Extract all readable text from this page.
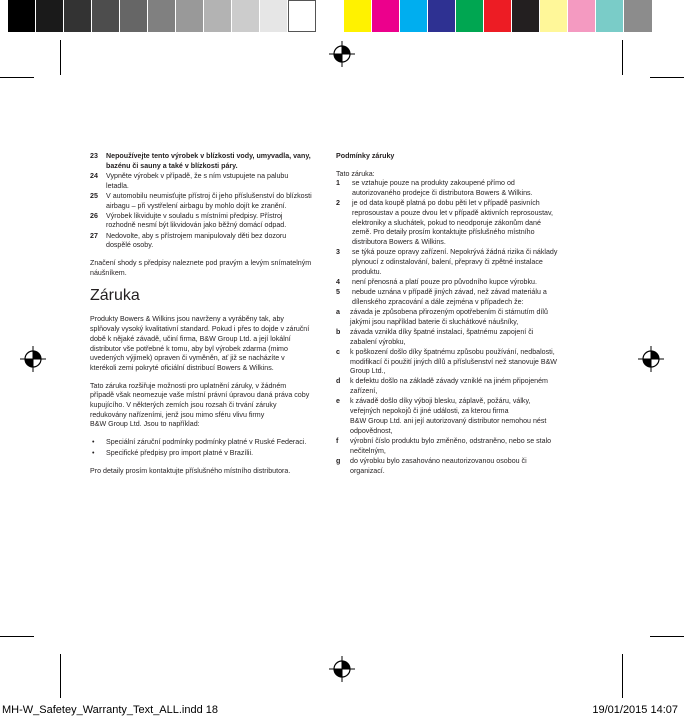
23	Nepoužívejte tento výrobek v blízkosti vody, umyvadla, vany, bazénu či sauny a také v blízkosti páry.
24	Vypněte výrobek v případě, že s ním vstupujete na palubu letadla.
25	V automobilu neumisťujte přístroj či jeho příslušenství do blízkosti airbagu – při vystřelení airbagu by mohlo dojít ke zranění.
26	Výrobek likvidujte v souladu s místními předpisy. Přístroj rozhodně nesmí být likvidován jako běžný domácí odpad.
27	Nedovolte, aby s přístrojem manipulovaly děti bez dozoru dospělé osoby.

Značení shody s předpisy naleznete pod pravým a levým snímatelným náušníkem.

Záruka

Produkty Bowers & Wilkins jsou navrženy a vyráběny tak, aby splňovaly vysoký kvalitativní standard. Pokud i přes to dojde v záruční době k nějaké závadě, učiní firma, B&W Group Ltd. a její lokální distributor vše potřebné k tomu, aby byl výrobek zdarma (mimo uvedených výjimek) opraven či vyměněn, ať již se nacházíte v kterékoli zemi pokryté oficiální distribucí Bowers & Wilkins.

Tato záruka rozšiřuje možnosti pro uplatnění záruky, v žádném případě však neomezuje vaše místní právní úpravou daná práva coby kupujícího. V některých zemích jsou rozsah či trvání záruky redukovány nařízeními, jenž jsou mimo sféru vlivu firmy

B&W Group Ltd. Jsou to například:

•	Speciální záruční podmínky podmínky platné v Ruské Federaci.
•	Specifické předpisy pro import platné v Brazílii.

Pro detaily prosím kontaktujte příslušného místního distributora.

Podmínky záruky

Tato záruka:

1	se vztahuje pouze na produkty zakoupené přímo od autorizovaného prodejce či distributora Bowers & Wilkins.
2	je od data koupě platná po dobu pěti let v případě pasivních reprosoustav a pouze dvou let v případě aktivních reprosoustav, elektroniky a sluchátek, pokud to neodporuje zákonům dané země. Pro detaily prosím kontaktujte příslušného místního distributora Bowers & Wilkins.
3	se týká pouze opravy zařízení. Nepokrývá žádná rizika či náklady plynoucí z odinstalování, balení, přepravy či zpětné instalace produktu.
4	není přenosná a platí pouze pro původního kupce výrobku.
5	nebude uznána v případě jiných závad, než závad materiálu a dílenského zpracování a dále zejména v případech že:
a	závada je způsobena přirozeným opotřebením či stárnutím dílů jakými jsou například baterie či sluchátkové náušníky,
b	závada vznikla díky špatné instalaci, špatnému zapojení či zabalení výrobku,
c	k poškození došlo díky špatnému způsobu používání, nedbalosti, modifikací či použití jiných dílů a příslušenství než stanovuje B&W Group Ltd.,
d	k defektu došlo na základě závady vzniklé na jiném připojeném zařízení,
e	k závadě došlo díky výboji blesku, záplavě, požáru, války, veřejných nepokojů či jiné události, za kterou firma
B&W Group Ltd. ani její autorizovaný distributor nemohou nést odpovědnost,
f	výrobní číslo produktu bylo změněno, odstraněno, nebo se stalo nečitelným,
g	do výrobku bylo zasahováno neautorizovanou osobou či organizací.
MH-W_Safetey_Warranty_Text_ALL.indd 18	19/01/2015 14:07
